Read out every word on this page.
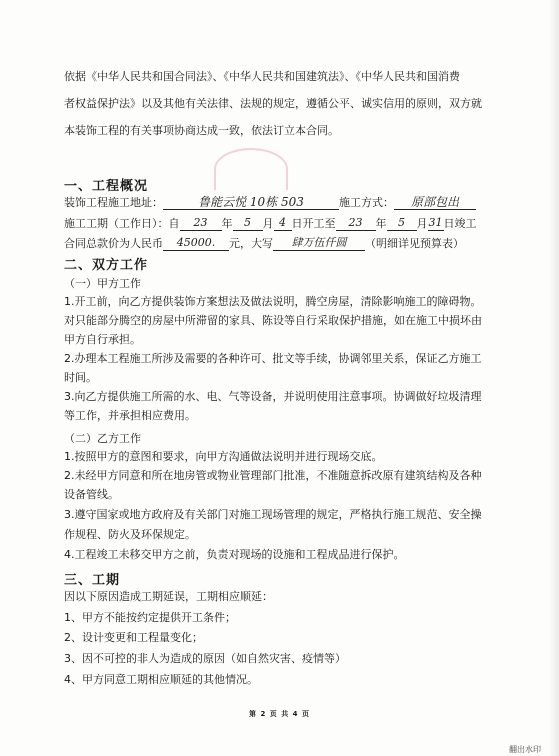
依据《中华人民共和国合同法》、《中华人民共和国建筑法》、《中华人民共和国消费
者权益保护法》以及其他有关法律、法规的规定，遵循公平、诚实信用的原则，双方就
本装饰工程的有关事项协商达成一致，依法订立本合同。
一、工程概况
装饰工程施工地址：	鲁能云悦 10栋 503	施工方式： 原部包出
施工工期（工作日）：自 23 年 5 月 4 日开工至 23 年 5 月31日竣工
合同总款价为人民币 45000. 元，大写 肆万伍仟圆 （明细详见预算表）
二、双方工作
（一）甲方工作
1.开工前，向乙方提供装饰方案想法及做法说明，腾空房屋，清除影响施工的障碍物。
对只能部分腾空的房屋中所滞留的家具、陈设等自行采取保护措施，如在施工中损坏由
甲方自行承担。
2.办理本工程施工所涉及需要的各种许可、批文等手续，协调邻里关系，保证乙方施工
时间。
3.向乙方提供施工所需的水、电、气等设备，并说明使用注意事项。协调做好垃圾清理
等工作，并承担相应费用。
（二）乙方工作
1.按照甲方的意图和要求，向甲方沟通做法说明并进行现场交底。
2.未经甲方同意和所在地房管或物业管理部门批准，不准随意拆改原有建筑结构及各种
设备管线。
3.遵守国家或地方政府及有关部门对施工现场管理的规定，严格执行施工规范、安全操
作规程、防火及环保规定。
4.工程竣工未移交甲方之前，负责对现场的设施和工程成品进行保护。
三、工期
因以下原因造成工期延误，工期相应顺延：
1、甲方不能按约定提供开工条件；
2、设计变更和工程量变化；
3、因不可控的非人为造成的原因（如自然灾害、疫情等）
4、甲方同意工期相应顺延的其他情况。
第 2 页 共 4 页
翻出水印
